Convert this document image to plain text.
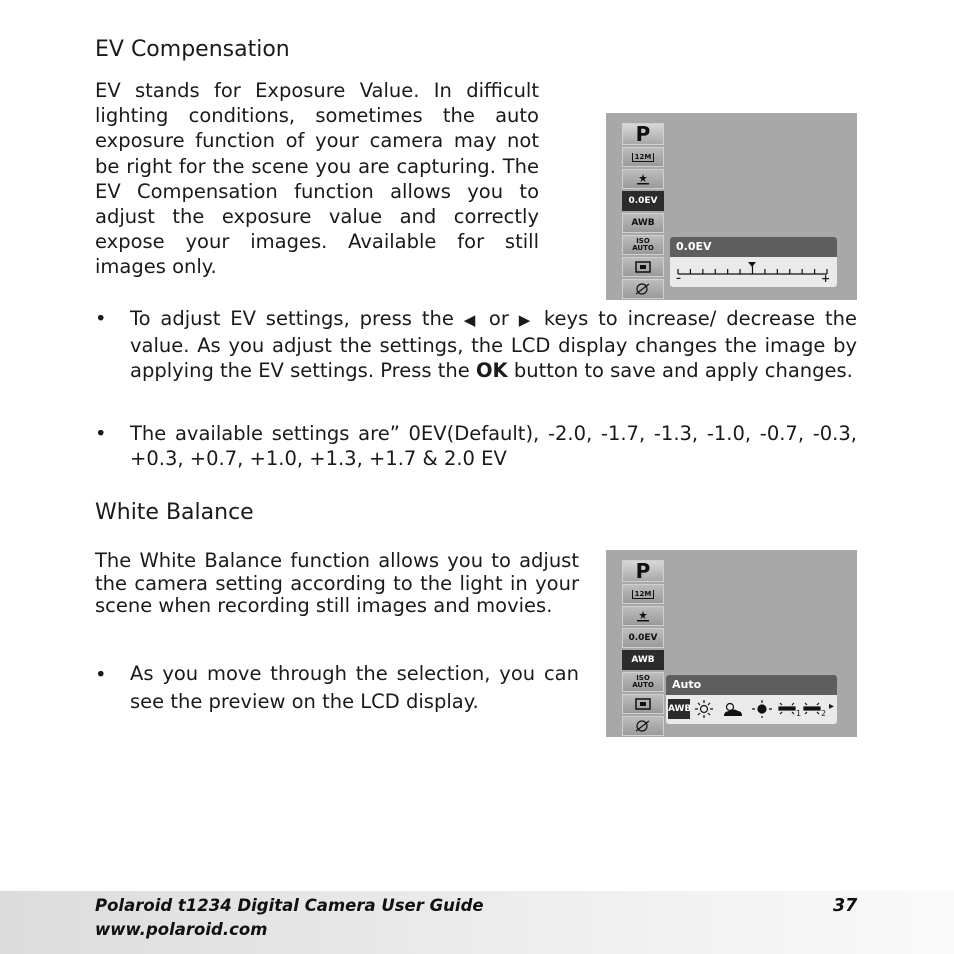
EV Compensation

EV stands for Exposure Value. In difficult lighting conditions, sometimes the auto exposure function of your camera may not be right for the scene you are capturing. The EV Compensation function allows you to adjust the exposure value and correctly expose your images. Available for still images only.

P
12M
0.0EV
AWB
ISO
AUTO	0.0EV
–	+
• To adjust EV settings, press the ◀ or ▶ keys to increase/ decrease the value. As you adjust the settings, the LCD display changes the image by applying the EV settings. Press the OK button to save and apply changes.

• The available settings are” 0EV(Default), -2.0, -1.7, -1.3, -1.0, -0.7, -0.3, +0.3, +0.7, +1.0, +1.3, +1.7 & 2.0 EV

White Balance

The White Balance function allows you to adjust the camera setting according to the light in your scene when recording still images and movies.

• As you move through the selection, you can see the preview on the LCD display.

P
12M
0.0EV
AWB
ISO
AUTO	Auto
AWB	1 2
▸
Polaroid t1234 Digital Camera User Guide
www.polaroid.com
37
